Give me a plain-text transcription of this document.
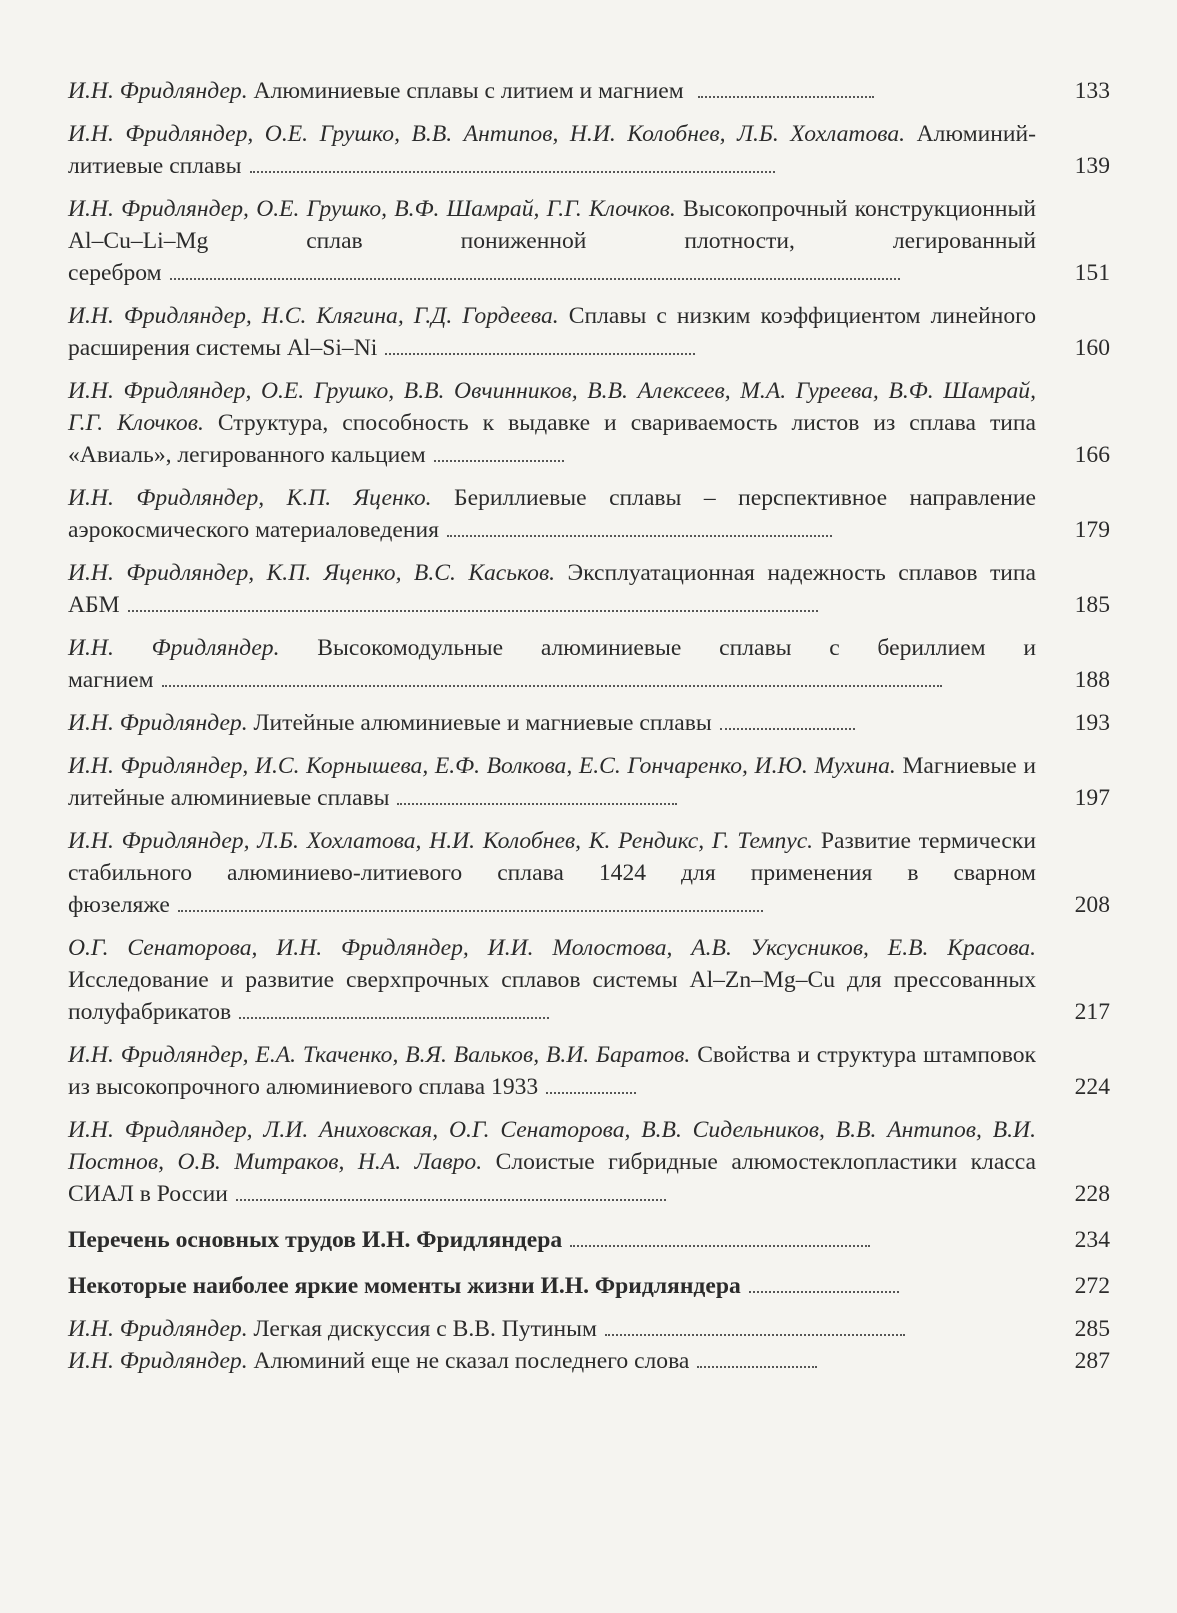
И.Н. Фридляндер. Алюминиевые сплавы с литием и магнием	133
И.Н. Фридляндер, О.Е. Грушко, В.В. Антипов, Н.И. Колобнев, Л.Б. Хохлатова. Алюминий-литиевые сплавы	139
И.Н. Фридляндер, О.Е. Грушко, В.Ф. Шамрай, Г.Г. Клочков. Высокопрочный конструкционный Al–Cu–Li–Mg сплав пониженной плотности, легированный серебром	151
И.Н. Фридляндер, Н.С. Клягина, Г.Д. Гордеева. Сплавы с низким коэффициентом линейного расширения системы Al–Si–Ni	160
И.Н. Фридляндер, О.Е. Грушко, В.В. Овчинников, В.В. Алексеев, М.А. Гуреева, В.Ф. Шамрай, Г.Г. Клочков. Структура, способность к выдавке и свариваемость листов из сплава типа «Авиаль», легированного кальцием	166
И.Н. Фридляндер, К.П. Яценко. Бериллиевые сплавы – перспективное направление аэрокосмического материаловедения	179
И.Н. Фридляндер, К.П. Яценко, В.С. Каськов. Эксплуатационная надежность сплавов типа АБМ	185
И.Н. Фридляндер. Высокомодульные алюминиевые сплавы с бериллием и магнием	188
И.Н. Фридляндер. Литейные алюминиевые и магниевые сплавы	193
И.Н. Фридляндер, И.С. Корнышева, Е.Ф. Волкова, Е.С. Гончаренко, И.Ю. Мухина. Магниевые и литейные алюминиевые сплавы	197
И.Н. Фридляндер, Л.Б. Хохлатова, Н.И. Колобнев, К. Рендикс, Г. Темпус. Развитие термически стабильного алюминиево-литиевого сплава 1424 для применения в сварном фюзеляже	208
О.Г. Сенаторова, И.Н. Фридляндер, И.И. Молостова, А.В. Уксусников, Е.В. Красова. Исследование и развитие сверхпрочных сплавов системы Al–Zn–Mg–Cu для прессованных полуфабрикатов	217
И.Н. Фридляндер, Е.А. Ткаченко, В.Я. Вальков, В.И. Баратов. Свойства и структура штамповок из высокопрочного алюминиевого сплава 1933	224
И.Н. Фридляндер, Л.И. Аниховская, О.Г. Сенаторова, В.В. Сидельников, В.В. Антипов, В.И. Постнов, О.В. Митраков, Н.А. Лавро. Слоистые гибридные алюмостеклопластики класса СИАЛ в России	228
Перечень основных трудов И.Н. Фридляндера	234
Некоторые наиболее яркие моменты жизни И.Н. Фридляндера	272
И.Н. Фридляндер. Легкая дискуссия с В.В. Путиным	285
И.Н. Фридляндер. Алюминий еще не сказал последнего слова	287
